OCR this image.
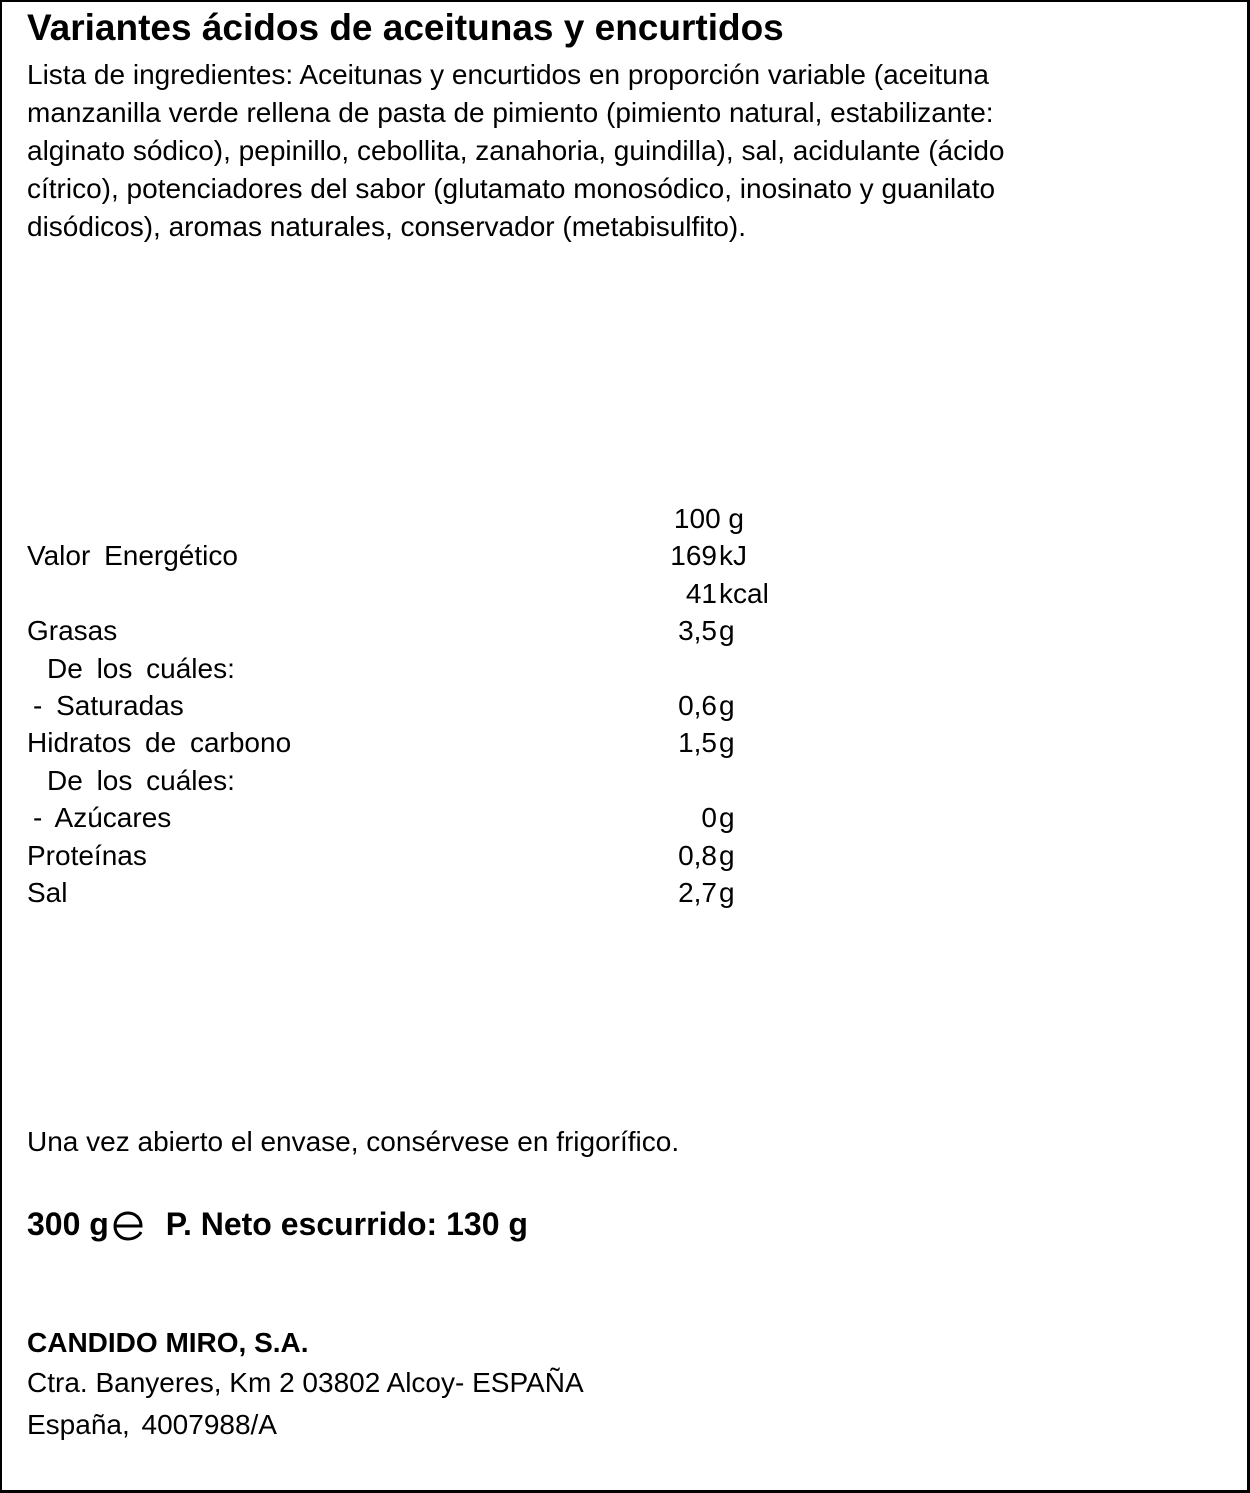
Variantes ácidos de aceitunas y encurtidos
Lista de ingredientes: Aceitunas y encurtidos en proporción variable (aceituna
manzanilla verde rellena de pasta de pimiento (pimiento natural, estabilizante:
alginato sódico), pepinillo, cebollita, zanahoria, guindilla), sal, acidulante (ácido
cítrico), potenciadores del sabor (glutamato monosódico, inosinato y guanilato
disódicos), aromas naturales, conservador (metabisulfito).
100 g
Valor Energético	169 kJ
41 kcal
Grasas	3,5 g
De los cuáles:
- Saturadas	0,6 g
Hidratos de carbono	1,5 g
De los cuáles:
- Azúcares	0 g
Proteínas	0,8 g
Sal	2,7 g
Una vez abierto el envase, consérvese en frigorífico.
300 g P. Neto escurrido: 130 g
CANDIDO MIRO, S.A.
Ctra. Banyeres, Km 2 03802 Alcoy- ESPAÑA
España, 4007988/A
